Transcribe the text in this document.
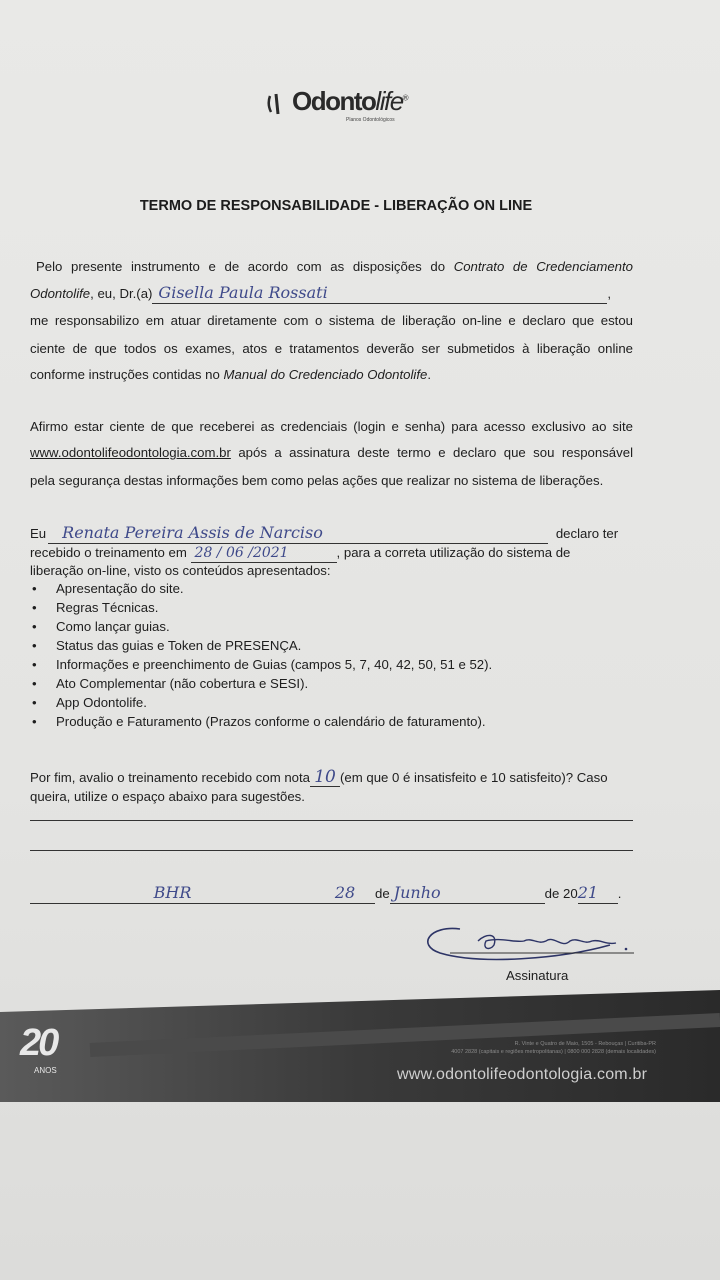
Odontolife®
Planos Odontológicos
TERMO DE RESPONSABILIDADE - LIBERAÇÃO ON LINE
Pelo presente instrumento e de acordo com as disposições do Contrato de Credenciamento
Odontolife, eu, Dr.(a) Gisella Paula Rossati	,
me responsabilizo em atuar diretamente com o sistema de liberação on-line e declaro que estou
ciente de que todos os exames, atos e tratamentos deverão ser submetidos à liberação online
conforme instruções contidas no Manual do Credenciado Odontolife.
Afirmo estar ciente de que receberei as credenciais (login e senha) para acesso exclusivo ao site
www.odontolifeodontologia.com.br após a assinatura deste termo e declaro que sou responsável
pela segurança destas informações bem como pelas ações que realizar no sistema de liberações.
Eu Renata Pereira Assis de Narciso	declaro ter
recebido o treinamento em 28 / 06 /2021	, para a correta utilização do sistema de
liberação on-line, visto os conteúdos apresentados:
• Apresentação do site.
• Regras Técnicas.
• Como lançar guias.
• Status das guias e Token de PRESENÇA.
• Informações e preenchimento de Guias (campos 5, 7, 40, 42, 50, 51 e 52).
• Ato Complementar (não cobertura e SESI).
• App Odontolife.
• Produção e Faturamento (Prazos conforme o calendário de faturamento).
Por fim, avalio o treinamento recebido com nota 10 (em que 0 é insatisfeito e 10 satisfeito)? Caso
queira, utilize o espaço abaixo para sugestões.
BHR	28 de Junho	de 2021 .
Assinatura
20
ANOS
R. Vinte e Quatro de Maio, 1505 - Rebouças | Curitiba-PR
4007 2828 (capitais e regiões metropolitanas) | 0800 000 2828 (demais localidades)
www.odontolifeodontologia.com.br
